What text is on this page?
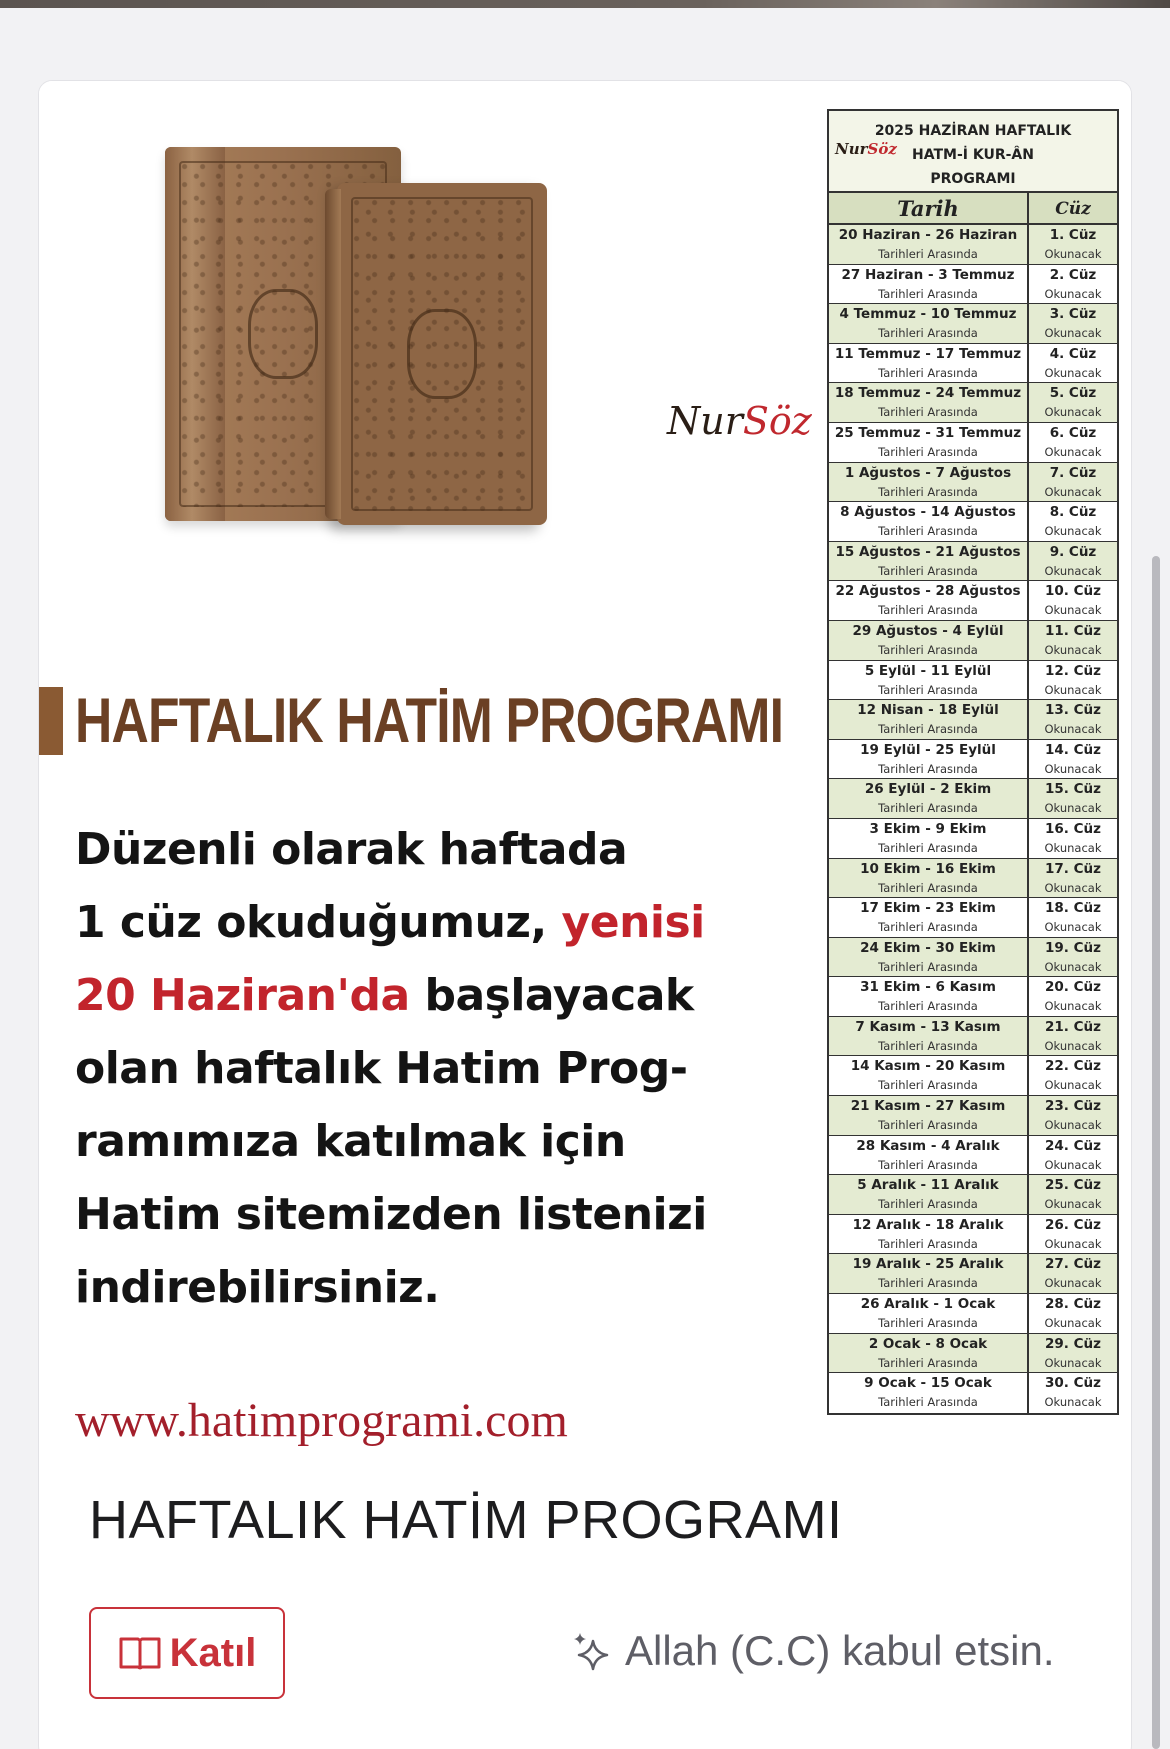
NurSöz
HAFTALIK HATİM PROGRAMI
Düzenli olarak haftada
1 cüz okuduğumuz, yenisi
20 Haziran'da başlayacak
olan haftalık Hatim Prog-
ramımıza katılmak için
Hatim sitemizden listenizi
indirebilirsiniz.
www.hatimprogrami.com
NurSöz
2025 HAZİRAN HAFTALIK
HATM-İ KUR-ÂN
PROGRAMI
Tarih	Cüz
20 Haziran - 26 Haziran
Tarihleri Arasında
1. Cüz
Okunacak
27 Haziran - 3 Temmuz
Tarihleri Arasında
2. Cüz
Okunacak
4 Temmuz - 10 Temmuz
Tarihleri Arasında
3. Cüz
Okunacak
11 Temmuz - 17 Temmuz
Tarihleri Arasında
4. Cüz
Okunacak
18 Temmuz - 24 Temmuz
Tarihleri Arasında
5. Cüz
Okunacak
25 Temmuz - 31 Temmuz
Tarihleri Arasında
6. Cüz
Okunacak
1 Ağustos - 7 Ağustos
Tarihleri Arasında
7. Cüz
Okunacak
8 Ağustos - 14 Ağustos
Tarihleri Arasında
8. Cüz
Okunacak
15 Ağustos - 21 Ağustos
Tarihleri Arasında
9. Cüz
Okunacak
22 Ağustos - 28 Ağustos
Tarihleri Arasında
10. Cüz
Okunacak
29 Ağustos - 4 Eylül
Tarihleri Arasında
11. Cüz
Okunacak
5 Eylül - 11 Eylül
Tarihleri Arasında
12. Cüz
Okunacak
12 Nisan - 18 Eylül
Tarihleri Arasında
13. Cüz
Okunacak
19 Eylül - 25 Eylül
Tarihleri Arasında
14. Cüz
Okunacak
26 Eylül - 2 Ekim
Tarihleri Arasında
15. Cüz
Okunacak
3 Ekim - 9 Ekim
Tarihleri Arasında
16. Cüz
Okunacak
10 Ekim - 16 Ekim
Tarihleri Arasında
17. Cüz
Okunacak
17 Ekim - 23 Ekim
Tarihleri Arasında
18. Cüz
Okunacak
24 Ekim - 30 Ekim
Tarihleri Arasında
19. Cüz
Okunacak
31 Ekim - 6 Kasım
Tarihleri Arasında
20. Cüz
Okunacak
7 Kasım - 13 Kasım
Tarihleri Arasında
21. Cüz
Okunacak
14 Kasım - 20 Kasım
Tarihleri Arasında
22. Cüz
Okunacak
21 Kasım - 27 Kasım
Tarihleri Arasında
23. Cüz
Okunacak
28 Kasım - 4 Aralık
Tarihleri Arasında
24. Cüz
Okunacak
5 Aralık - 11 Aralık
Tarihleri Arasında
25. Cüz
Okunacak
12 Aralık - 18 Aralık
Tarihleri Arasında
26. Cüz
Okunacak
19 Aralık - 25 Aralık
Tarihleri Arasında
27. Cüz
Okunacak
26 Aralık - 1 Ocak
Tarihleri Arasında
28. Cüz
Okunacak
2 Ocak - 8 Ocak
Tarihleri Arasında
29. Cüz
Okunacak
9 Ocak - 15 Ocak
Tarihleri Arasında
30. Cüz
Okunacak
HAFTALIK HATİM PROGRAMI
Katıl	Allah (C.C) kabul etsin.
